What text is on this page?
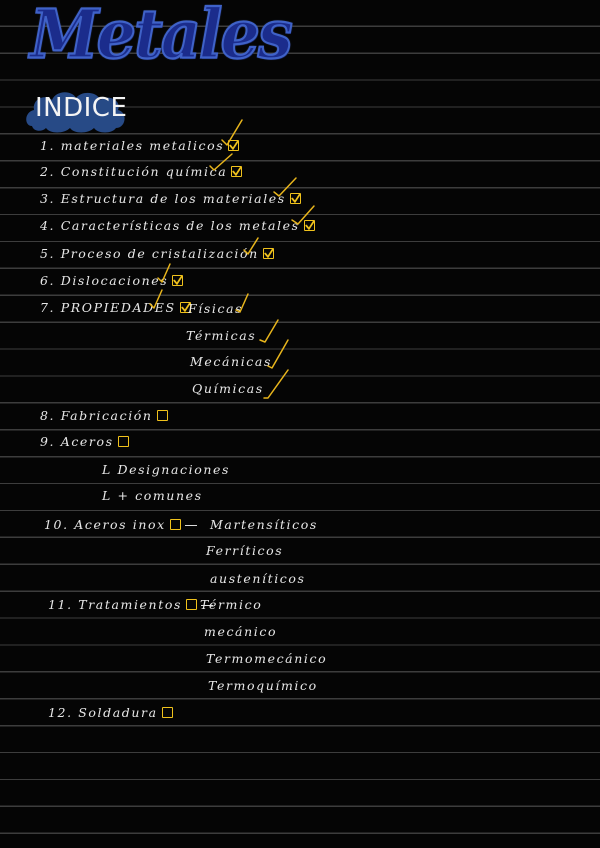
Metales
INDICE
1. materiales metalicos
2. Constitución química
3. Estructura de los materiales
4. Características de los metales
5. Proceso de cristalización
6. Dislocaciones
7. PROPIEDADES Físicas
Térmicas
Mecánicas
Químicas
8. Fabricación
9. Aceros
L Designaciones
L + comunes
10. Aceros inox	Martensíticos
Ferríticos
austeníticos
11. Tratamientos	Térmico
mecánico
Termomecánico
Termoquímico
12. Soldadura
